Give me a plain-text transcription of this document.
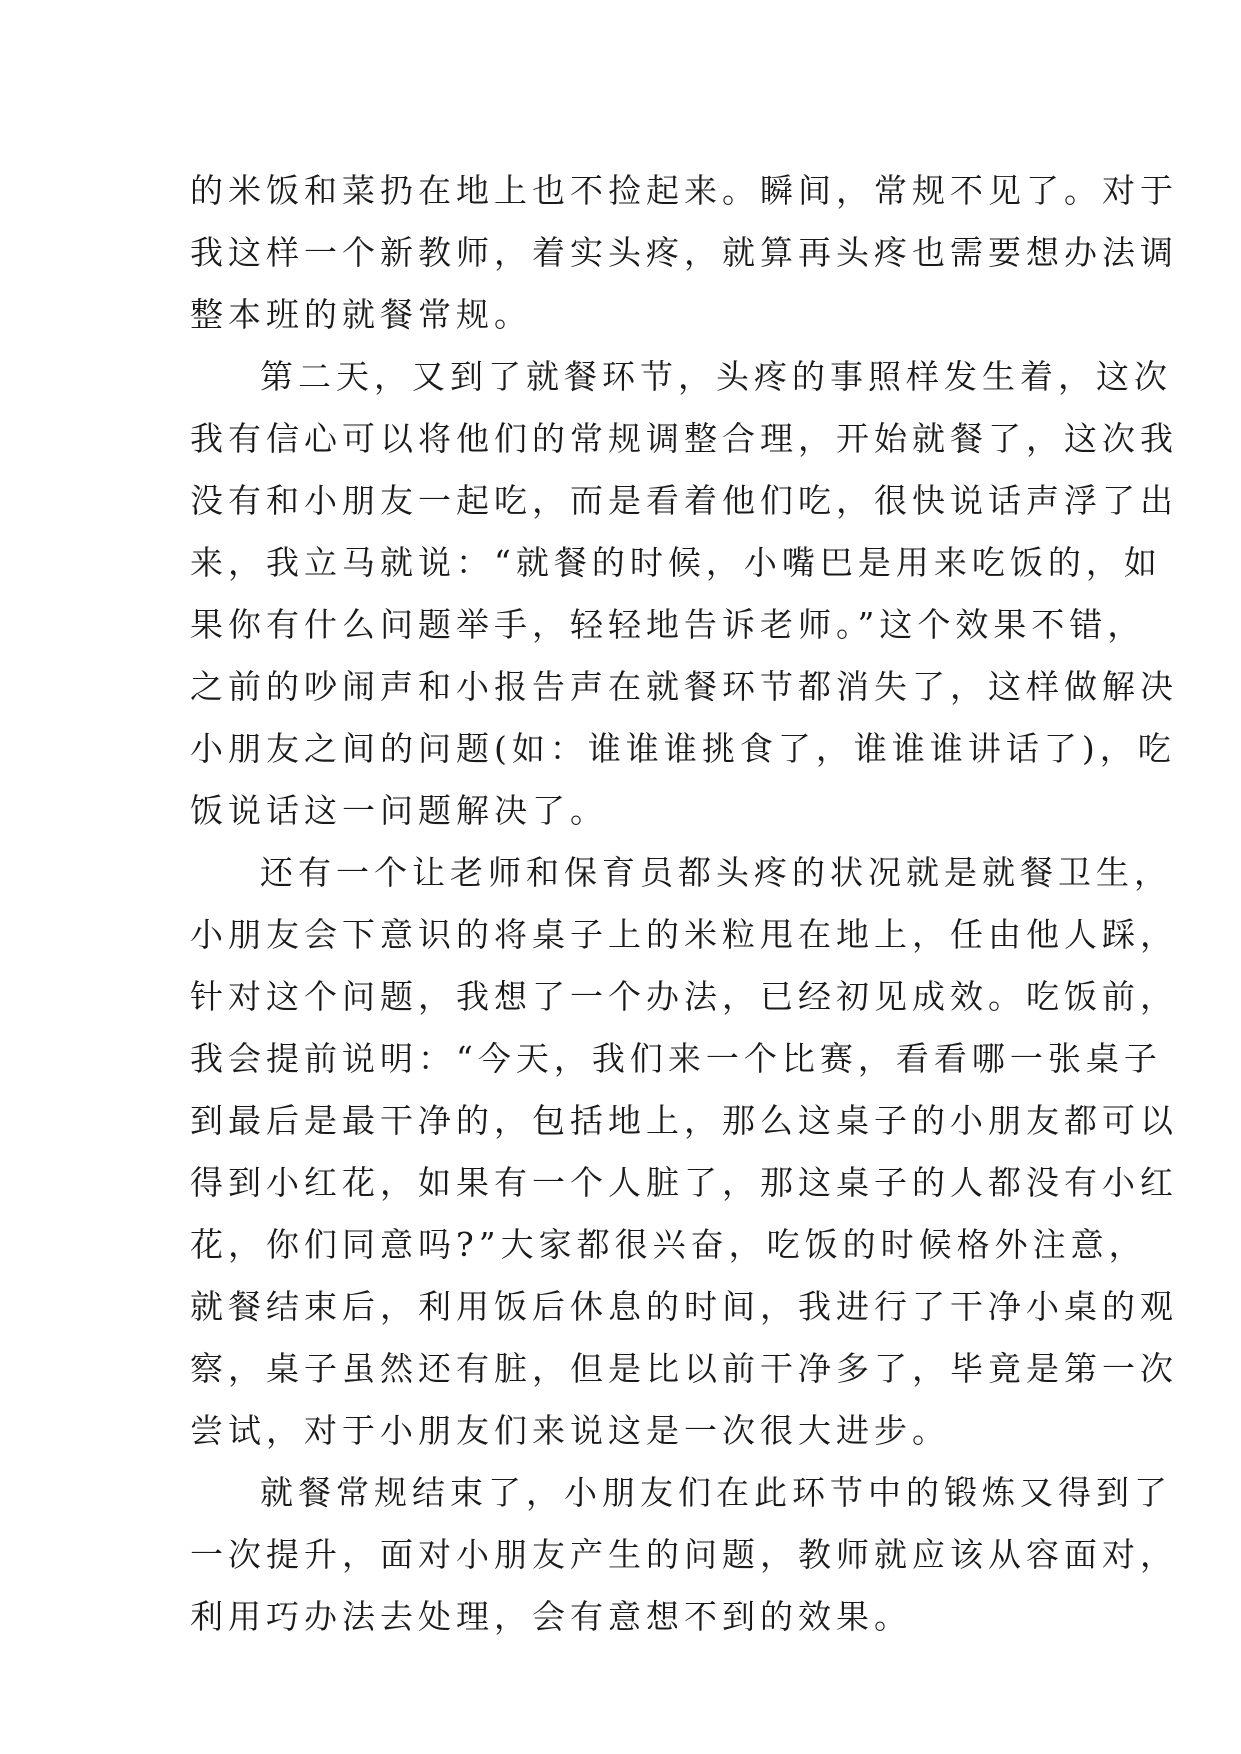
的米饭和菜扔在地上也不捡起来。瞬间，常规不见了。对于
我这样一个新教师，着实头疼，就算再头疼也需要想办法调
整本班的就餐常规。
第二天，又到了就餐环节，头疼的事照样发生着，这次
我有信心可以将他们的常规调整合理，开始就餐了，这次我
没有和小朋友一起吃，而是看着他们吃，很快说话声浮了出
来，我立马就说：“就餐的时候，小嘴巴是用来吃饭的，如
果你有什么问题举手，轻轻地告诉老师。”这个效果不错，
之前的吵闹声和小报告声在就餐环节都消失了，这样做解决
小朋友之间的问题(如：谁谁谁挑食了，谁谁谁讲话了)，吃
饭说话这一问题解决了。
还有一个让老师和保育员都头疼的状况就是就餐卫生，
小朋友会下意识的将桌子上的米粒甩在地上，任由他人踩，
针对这个问题，我想了一个办法，已经初见成效。吃饭前，
我会提前说明：“今天，我们来一个比赛，看看哪一张桌子
到最后是最干净的，包括地上，那么这桌子的小朋友都可以
得到小红花，如果有一个人脏了，那这桌子的人都没有小红
花，你们同意吗?”大家都很兴奋，吃饭的时候格外注意，
就餐结束后，利用饭后休息的时间，我进行了干净小桌的观
察，桌子虽然还有脏，但是比以前干净多了，毕竟是第一次
尝试，对于小朋友们来说这是一次很大进步。
就餐常规结束了，小朋友们在此环节中的锻炼又得到了
一次提升，面对小朋友产生的问题，教师就应该从容面对，
利用巧办法去处理，会有意想不到的效果。
